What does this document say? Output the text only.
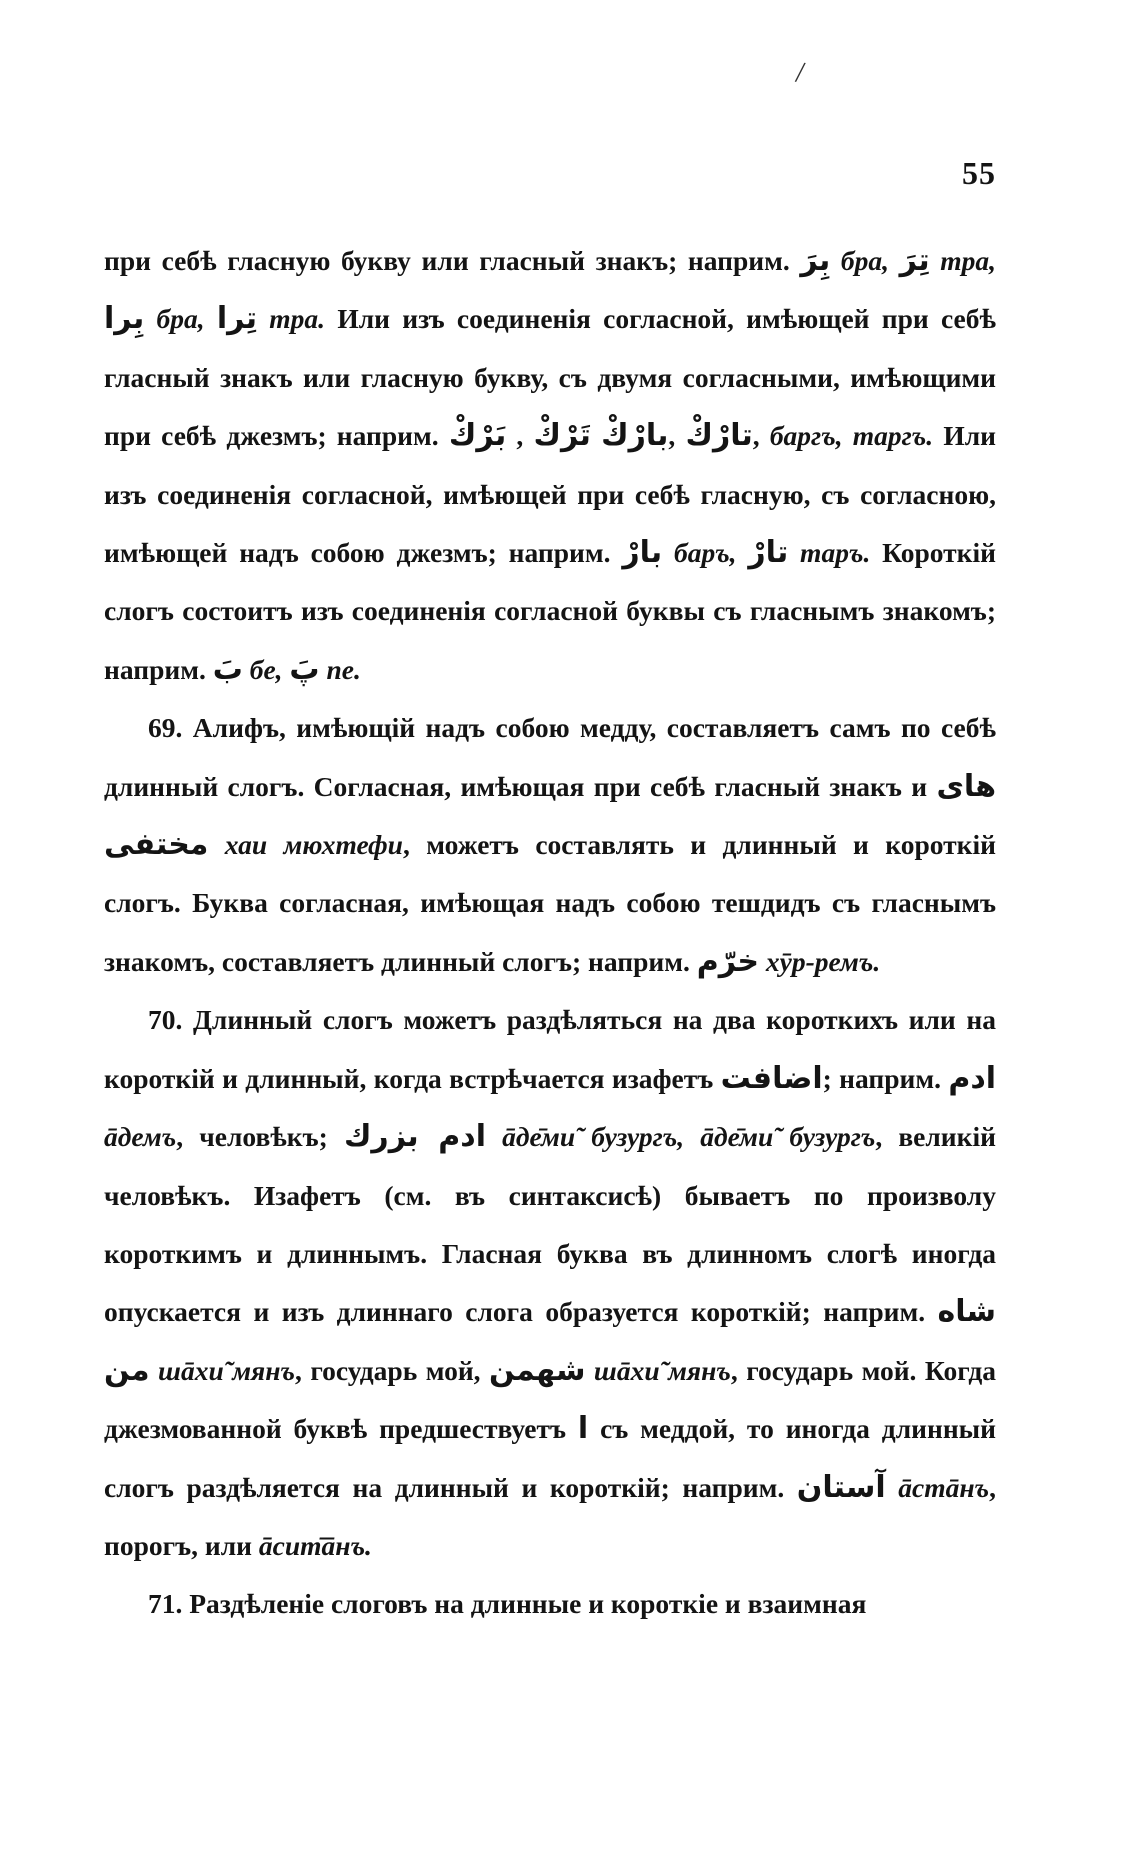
/
55

при себѣ гласную букву или гласный знакъ; наприм. بِرَ бра, تِرَ тра, بِرا бра, تِرا тра. Или изъ соединенія согласной, имѣющей при себѣ гласный знакъ или гласную букву, съ двумя согласными, имѣющими при себѣ джезмъ; наприм. بَرْكْ , تَرْكْ بارْكْ, تارْكْ, баргъ, таргъ. Или изъ соединенія согласной, имѣющей при себѣ гласную, съ согласною, имѣющей надъ собою джезмъ; наприм. بارْ баръ, تارْ таръ. Короткій слогъ состоитъ изъ соединенія согласной буквы съ гласнымъ знакомъ; наприм. بَ бе, پَ пе.

69. Алифъ, имѣющій надъ собою медду, составляетъ самъ по себѣ длинный слогъ. Согласная, имѣющая при себѣ гласный знакъ и هاى مختفى хаи мюхтефи, можетъ составлять и длинный и короткій слогъ. Буква согласная, имѣющая надъ собою тешдидъ съ гласнымъ знакомъ, составляетъ длинный слогъ; наприм. خرّم хӯр-ремъ.

70. Длинный слогъ можетъ раздѣляться на два короткихъ или на короткій и длинный, когда встрѣчается изафетъ اضافت; наприм. ادم āдемъ, человѣкъ; ادم بزرك āде̄ми̃ бузургъ, āде̄ми̃ бузургъ, великій человѣкъ. Изафетъ (см. въ синтаксисѣ) бываетъ по произволу короткимъ и длиннымъ. Гласная буква въ длинномъ слогѣ иногда опускается и изъ длиннаго слога образуется короткій; наприм. شاه من шāхи̃ мянъ, государь мой, شهمن шāхи̃ мянъ, государь мой. Когда джезмованной буквѣ предшествуетъ ا съ меддой, то иногда длинный слогъ раздѣляется на длинный и короткій; наприм. آستان āстāнъ, порогъ, или āсит̄āнъ.

71. Раздѣленіе слоговъ на длинные и короткіе и взаимная
